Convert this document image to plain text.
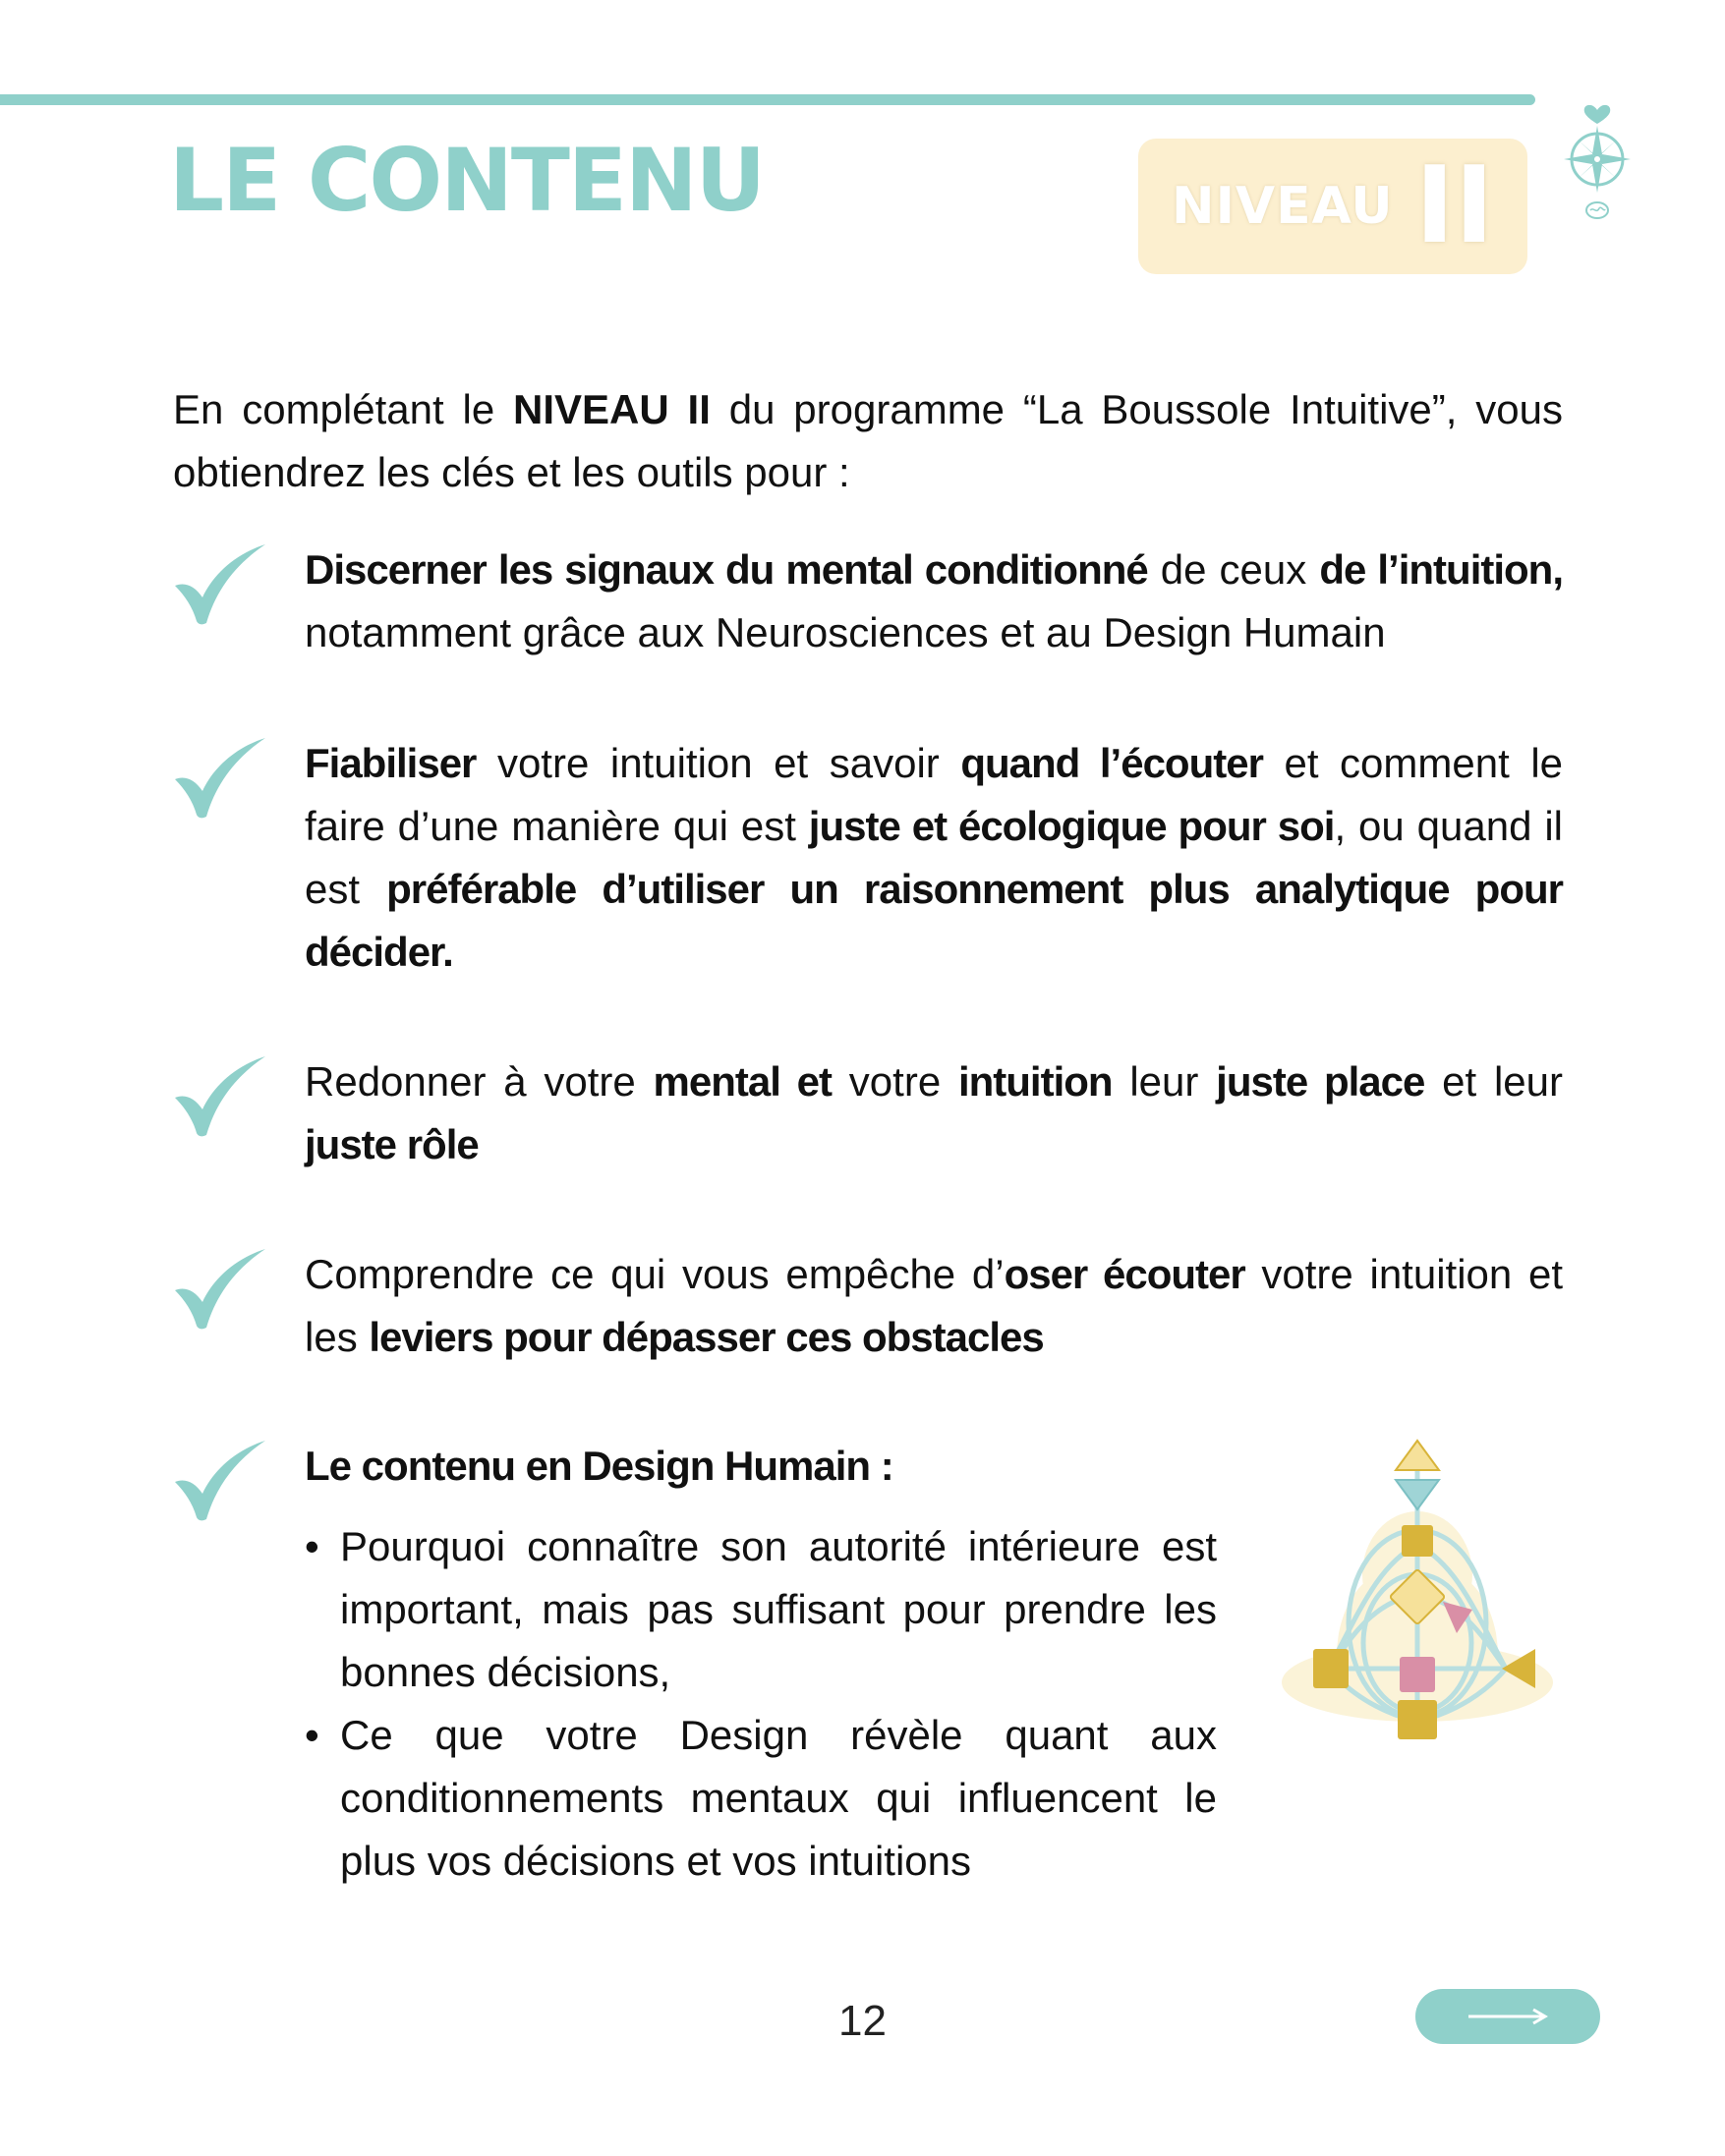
LE CONTENU	NIVEAU II

En complétant le NIVEAU II du programme “La Boussole Intuitive”, vous obtiendrez les clés et les outils pour :

Discerner les signaux du mental conditionné de ceux de l’intuition, notamment grâce aux Neurosciences et au Design Humain

Fiabiliser votre intuition et savoir quand l’écouter et comment le faire d’une manière qui est juste et écologique pour soi, ou quand il est préférable d’utiliser un raisonnement plus analytique pour décider.

Redonner à votre mental et votre intuition leur juste place et leur juste rôle

Comprendre ce qui vous empêche d’oser écouter votre intuition et les leviers pour dépasser ces obstacles

Le contenu en Design Humain :

• Pourquoi connaître son autorité intérieure est important, mais pas suffisant pour prendre les bonnes décisions,
• Ce que votre Design révèle quant aux conditionnements mentaux qui influencent le plus vos décisions et vos intuitions
12
